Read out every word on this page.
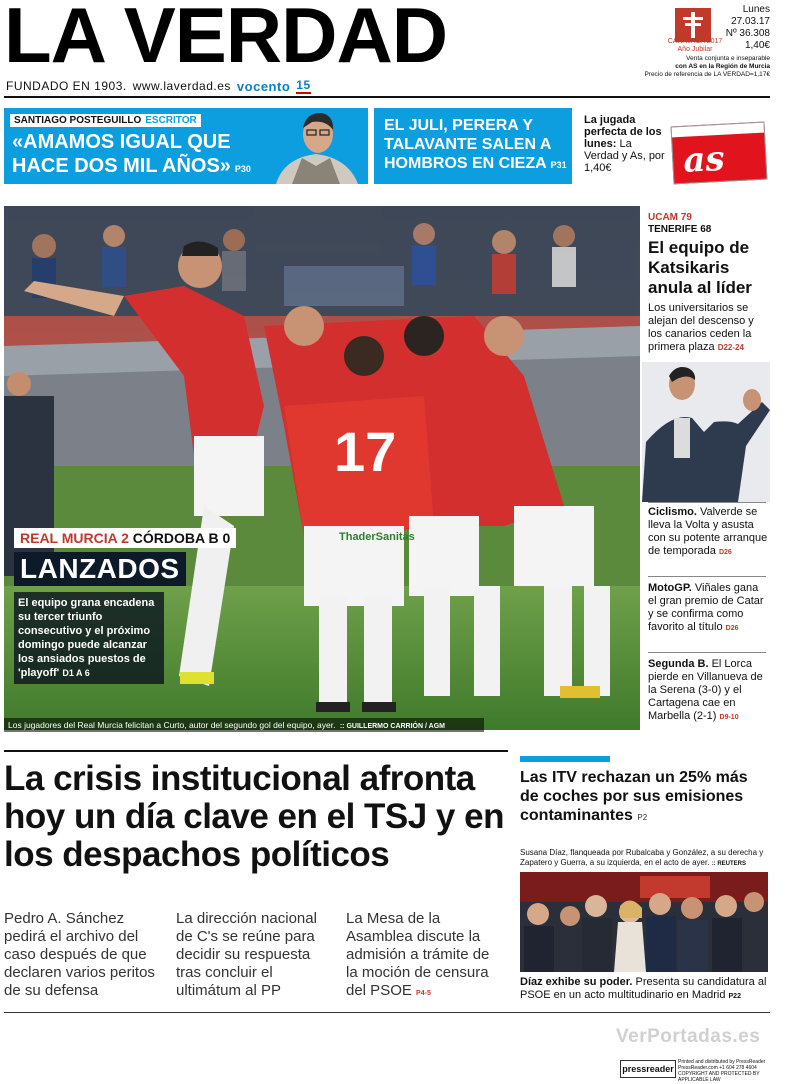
LA VERDAD
FUNDADO EN 1903. www.laverdad.es vocento 15
CARAVACA 2017 Año Jubilar
Lunes
27.03.17
Nº 36.308
1,40€
Venta conjunta e inseparable
con AS en la Región de Murcia
Precio de referencia de LA VERDAD=1,17€
SANTIAGO POSTEGUILLO ESCRITOR
«AMAMOS IGUAL QUE HACE DOS MIL AÑOS» P30
EL JULI, PERERA Y TALAVANTE SALEN A HOMBROS EN CIEZA P31
La jugada perfecta de los lunes: La Verdad y As, por 1,40€	as
17
ThaderSanitas
REAL MURCIA 2 CÓRDOBA B 0
LANZADOS
El equipo grana encadena su tercer triunfo consecutivo y el próximo domingo puede alcanzar los ansiados puestos de 'playoff' D1 A 6
Los jugadores del Real Murcia felicitan a Curto, autor del segundo gol del equipo, ayer. :: GUILLERMO CARRIÓN / AGM
UCAM 79
TENERIFE 68
El equipo de Katsikaris anula al líder
Los universitarios se alejan del descenso y los canarios ceden la primera plaza D22-24
Ciclismo. Valverde se lleva la Volta y asusta con su potente arranque de temporada D26
MotoGP. Viñales gana el gran premio de Catar y se confirma como favorito al título D26
Segunda B. El Lorca pierde en Villanueva de la Serena (3-0) y el Cartagena cae en Marbella (2-1) D9-10
La crisis institucional afronta hoy un día clave en el TSJ y en los despachos políticos
Pedro A. Sánchez pedirá el archivo del caso después de que declaren varios peritos de su defensa
La dirección nacional de C's se reúne para decidir su respuesta tras concluir el ultimátum al PP
La Mesa de la Asamblea discute la admisión a trámite de la moción de censura del PSOE P4-5
Las ITV rechazan un 25% más de coches por sus emisiones contaminantes P2
Susana Díaz, flanqueada por Rubalcaba y González, a su derecha y Zapatero y Guerra, a su izquierda, en el acto de ayer. :: REUTERS
Díaz exhibe su poder. Presenta su candidatura al PSOE en un acto multitudinario en Madrid P22
VerPortadas.es
pressreader
Printed and distributed by PressReader PressReader.com +1 604 278 4604 COPYRIGHT AND PROTECTED BY APPLICABLE LAW
